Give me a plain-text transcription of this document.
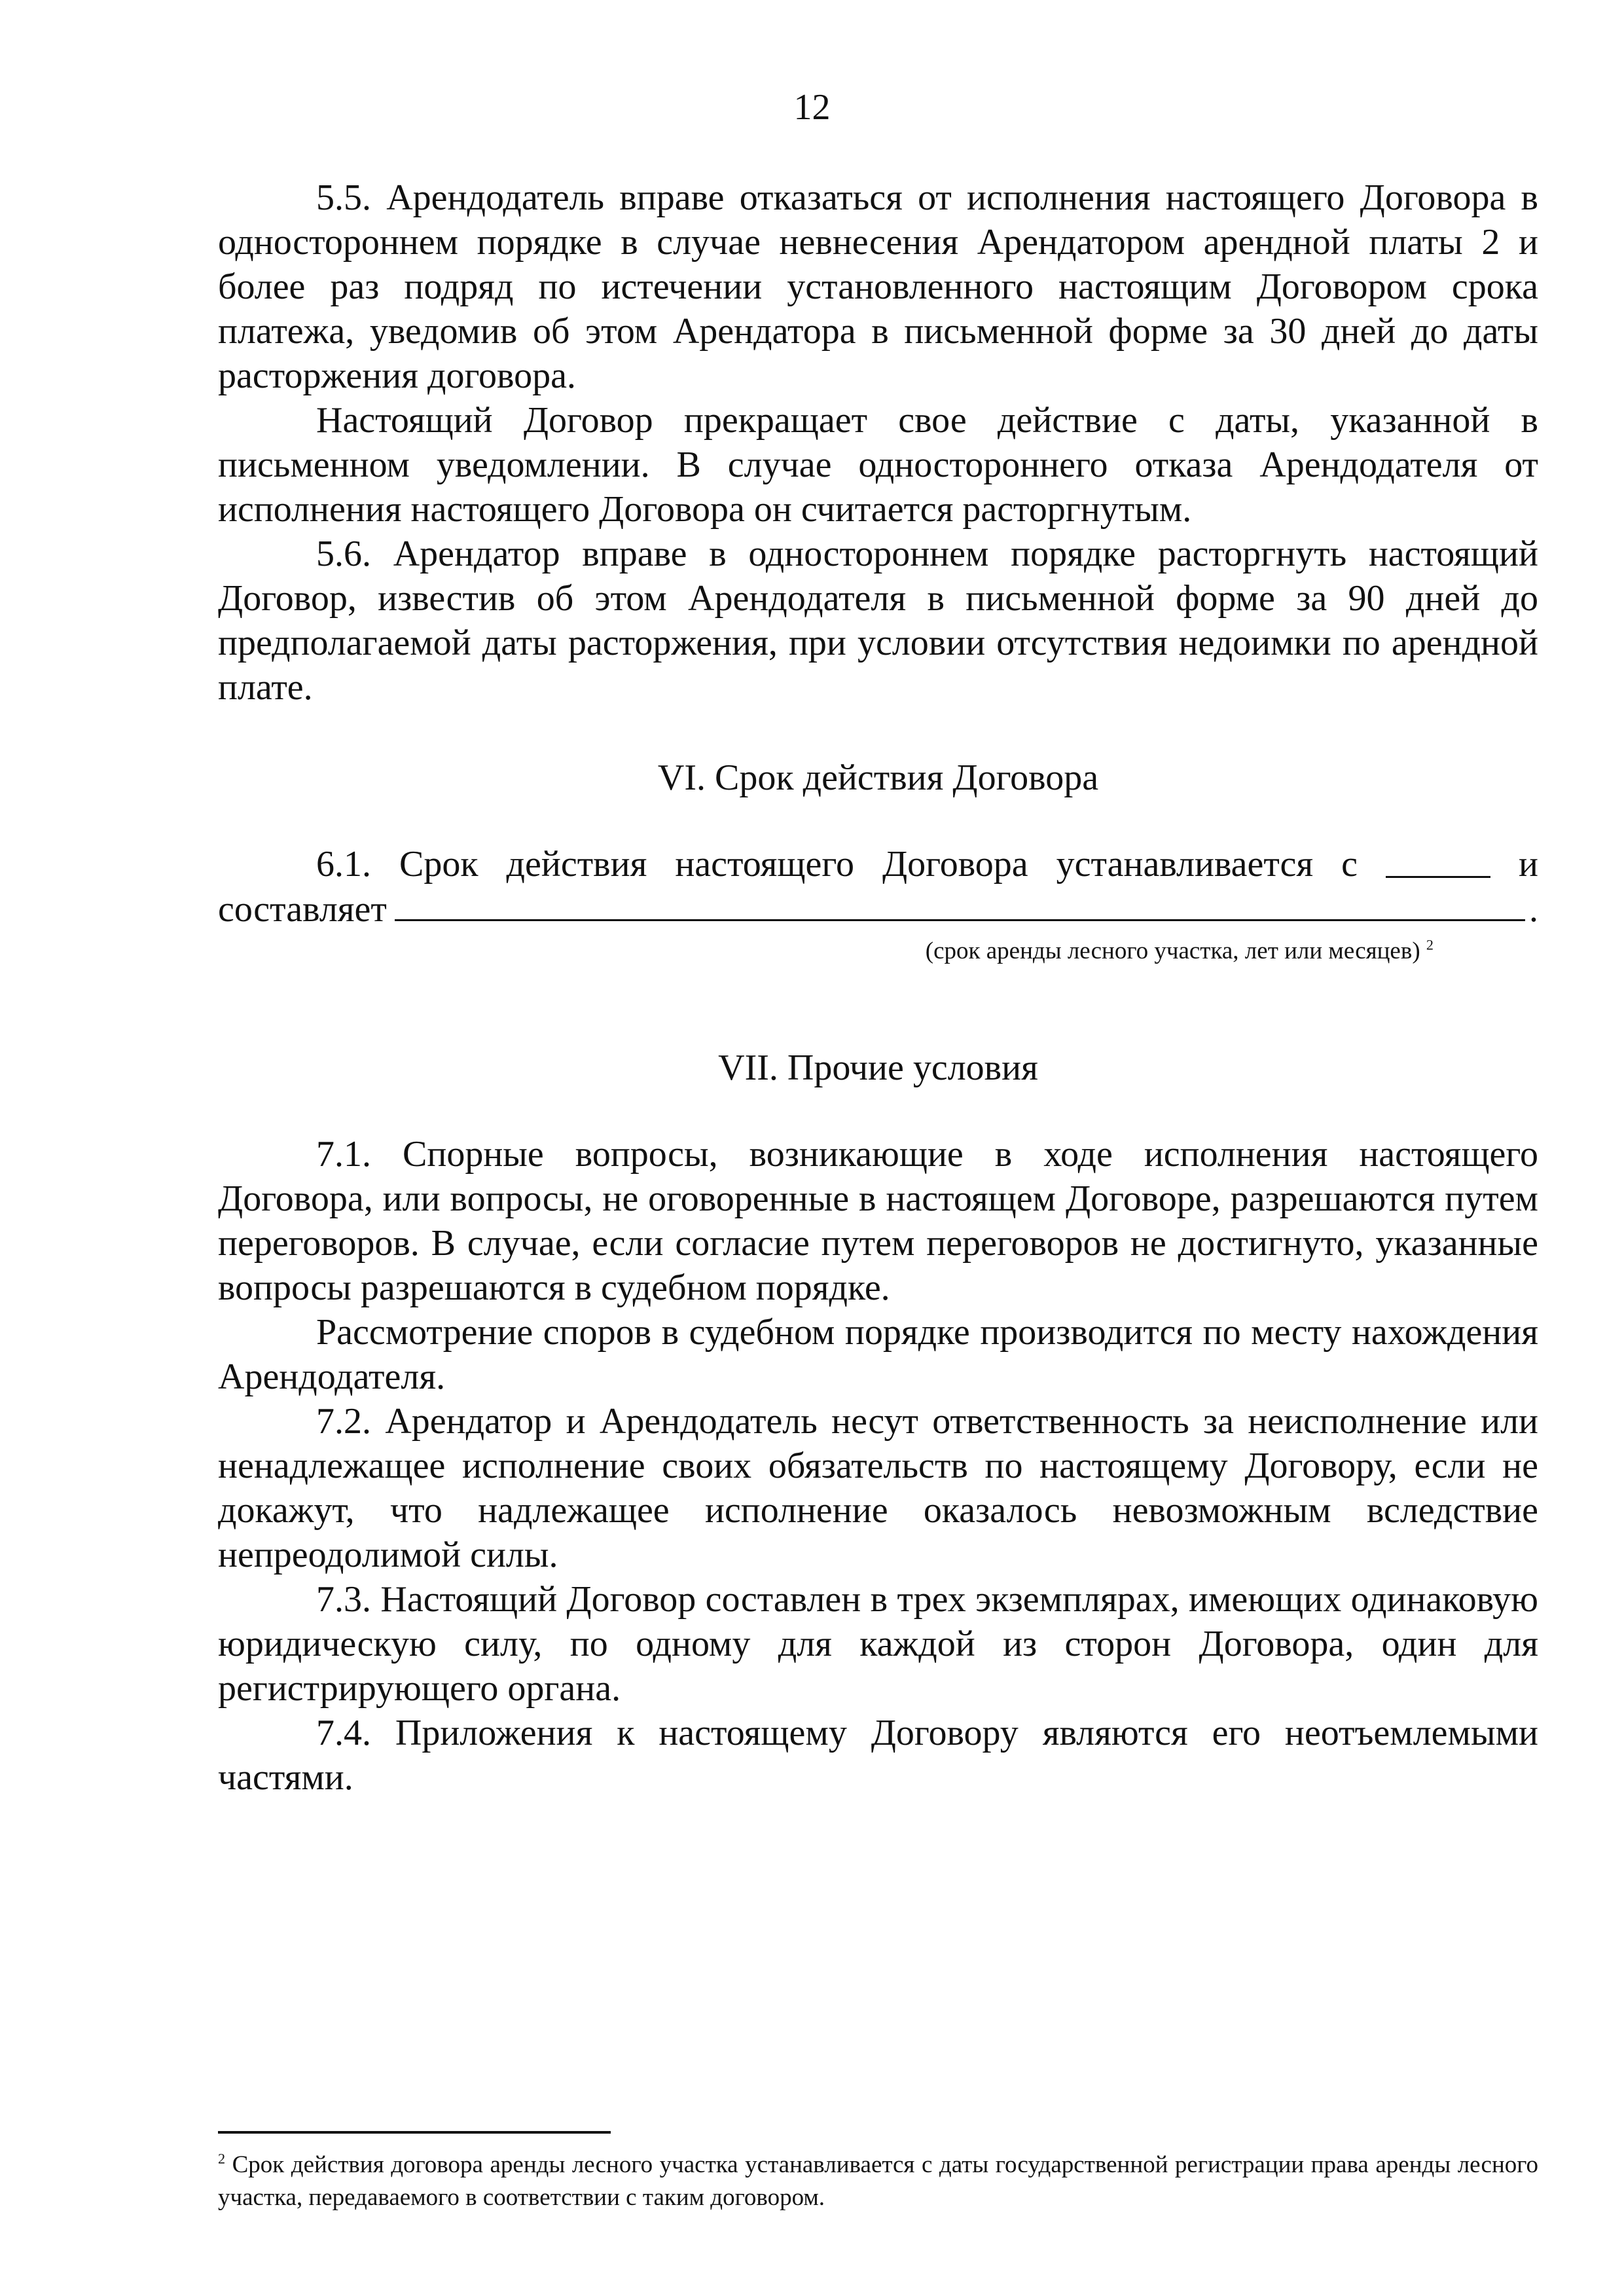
12

5.5. Арендодатель вправе отказаться от исполнения настоящего Договора в одностороннем порядке в случае невнесения Арендатором арендной платы 2 и более раз подряд по истечении установленного настоящим Договором срока платежа, уведомив об этом Арендатора в письменной форме за 30 дней до даты расторжения договора.

Настоящий Договор прекращает свое действие с даты, указанной в письменном уведомлении. В случае одностороннего отказа Арендодателя от исполнения настоящего Договора он считается расторгнутым.

5.6. Арендатор вправе в одностороннем порядке расторгнуть настоящий Договор, известив об этом Арендодателя в письменной форме за 90 дней до предполагаемой даты расторжения, при условии отсутствия недоимки по арендной плате.

VI. Срок действия Договора

6.1. Срок действия настоящего Договора устанавливается с	и

составляет	.

(срок аренды лесного участка, лет или месяцев) $^2$

VII. Прочие условия

7.1. Спорные вопросы, возникающие в ходе исполнения настоящего Договора, или вопросы, не оговоренные в настоящем Договоре, разрешаются путем переговоров. В случае, если согласие путем переговоров не достигнуто, указанные вопросы разрешаются в судебном порядке.

Рассмотрение споров в судебном порядке производится по месту нахождения Арендодателя.

7.2. Арендатор и Арендодатель несут ответственность за неисполнение или ненадлежащее исполнение своих обязательств по настоящему Договору, если не докажут, что надлежащее исполнение оказалось невозможным вследствие непреодолимой силы.

7.3. Настоящий Договор составлен в трех экземплярах, имеющих одинаковую юридическую силу, по одному для каждой из сторон Договора, один для регистрирующего органа.

7.4. Приложения к настоящему Договору являются его неотъемлемыми частями.

$^2$ Срок действия договора аренды лесного участка устанавливается с даты государственной регистрации права аренды лесного участка, передаваемого в соответствии с таким договором.
